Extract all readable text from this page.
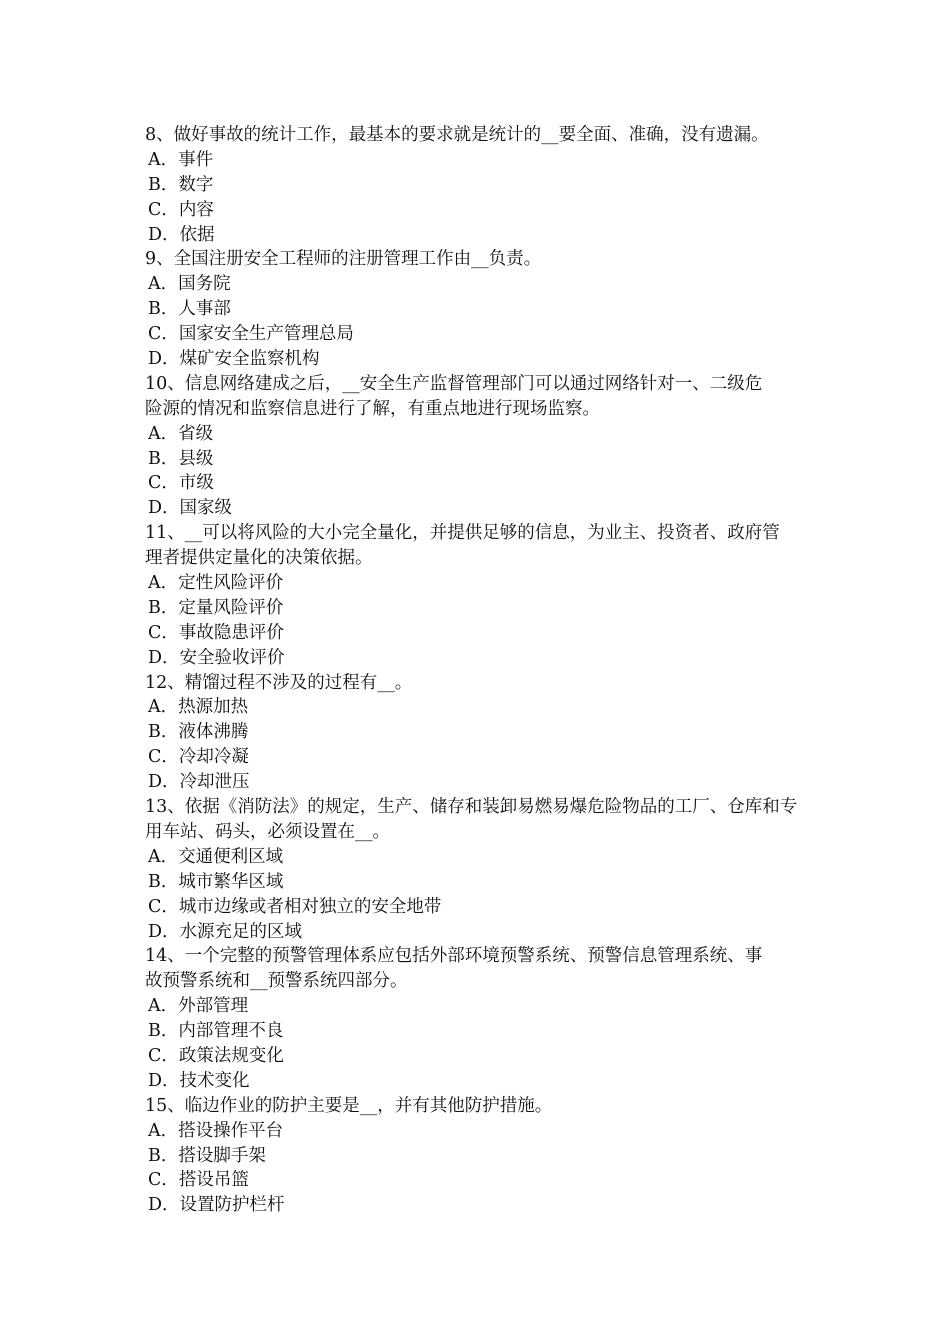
8、做好事故的统计工作，最基本的要求就是统计的__要全面、准确，没有遗漏。
A．事件
B．数字
C．内容
D．依据
9、全国注册安全工程师的注册管理工作由__负责。
A．国务院
B．人事部
C．国家安全生产管理总局
D．煤矿安全监察机构
10、信息网络建成之后，__安全生产监督管理部门可以通过网络针对一、二级危
险源的情况和监察信息进行了解，有重点地进行现场监察。
A．省级
B．县级
C．市级
D．国家级
11、__可以将风险的大小完全量化，并提供足够的信息，为业主、投资者、政府管
理者提供定量化的决策依据。
A．定性风险评价
B．定量风险评价
C．事故隐患评价
D．安全验收评价
12、精馏过程不涉及的过程有__。
A．热源加热
B．液体沸腾
C．冷却冷凝
D．冷却泄压
13、依据《消防法》的规定，生产、储存和装卸易燃易爆危险物品的工厂、仓库和专
用车站、码头，必须设置在__。
A．交通便利区域
B．城市繁华区域
C．城市边缘或者相对独立的安全地带
D．水源充足的区域
14、一个完整的预警管理体系应包括外部环境预警系统、预警信息管理系统、事
故预警系统和__预警系统四部分。
A．外部管理
B．内部管理不良
C．政策法规变化
D．技术变化
15、临边作业的防护主要是__，并有其他防护措施。
A．搭设操作平台
B．搭设脚手架
C．搭设吊篮
D．设置防护栏杆
